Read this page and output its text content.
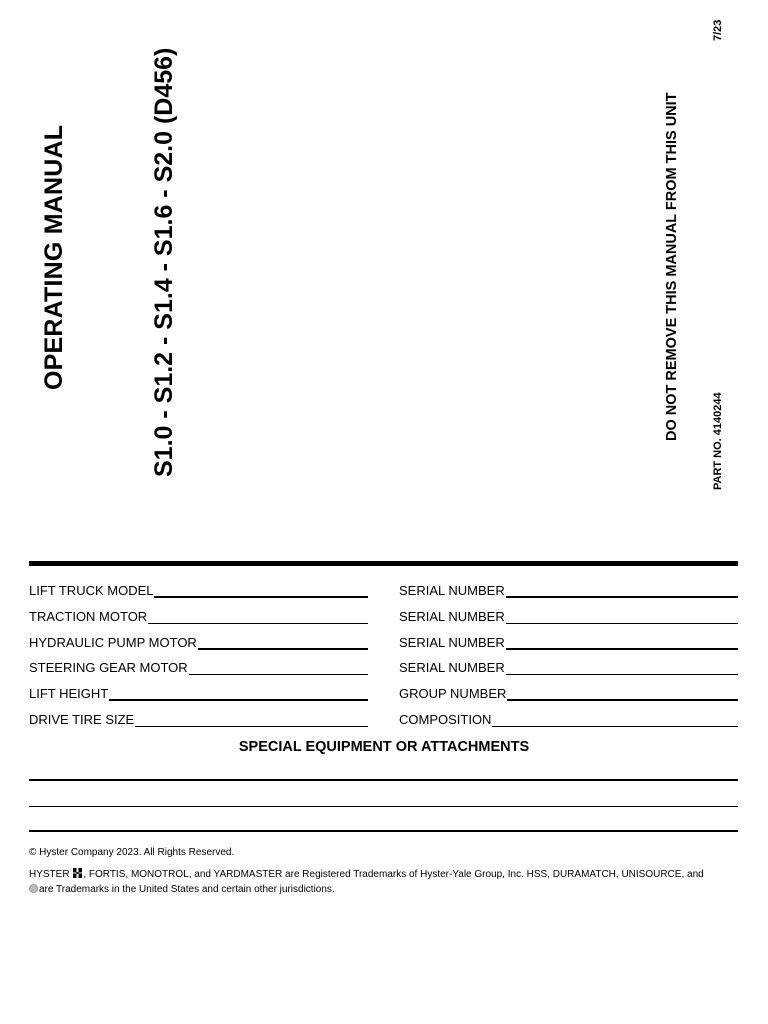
OPERATING MANUAL	S1.0 - S1.2 - S1.4 - S1.6 - S2.0 (D456)	DO NOT REMOVE THIS MANUAL FROM THIS UNIT
PART NO. 4140244
7/23
LIFT TRUCK MODEL
TRACTION MOTOR
HYDRAULIC PUMP MOTOR
STEERING GEAR MOTOR
LIFT HEIGHT
DRIVE TIRE SIZE
SERIAL NUMBER
SERIAL NUMBER
SERIAL NUMBER
SERIAL NUMBER
GROUP NUMBER
COMPOSITION
SPECIAL EQUIPMENT OR ATTACHMENTS
© Hyster Company 2023. All Rights Reserved.
HYSTER , FORTIS, MONOTROL, and YARDMASTER are Registered Trademarks of Hyster-Yale Group, Inc. HSS, DURAMATCH, UNISOURCE, and
are Trademarks in the United States and certain other jurisdictions.
